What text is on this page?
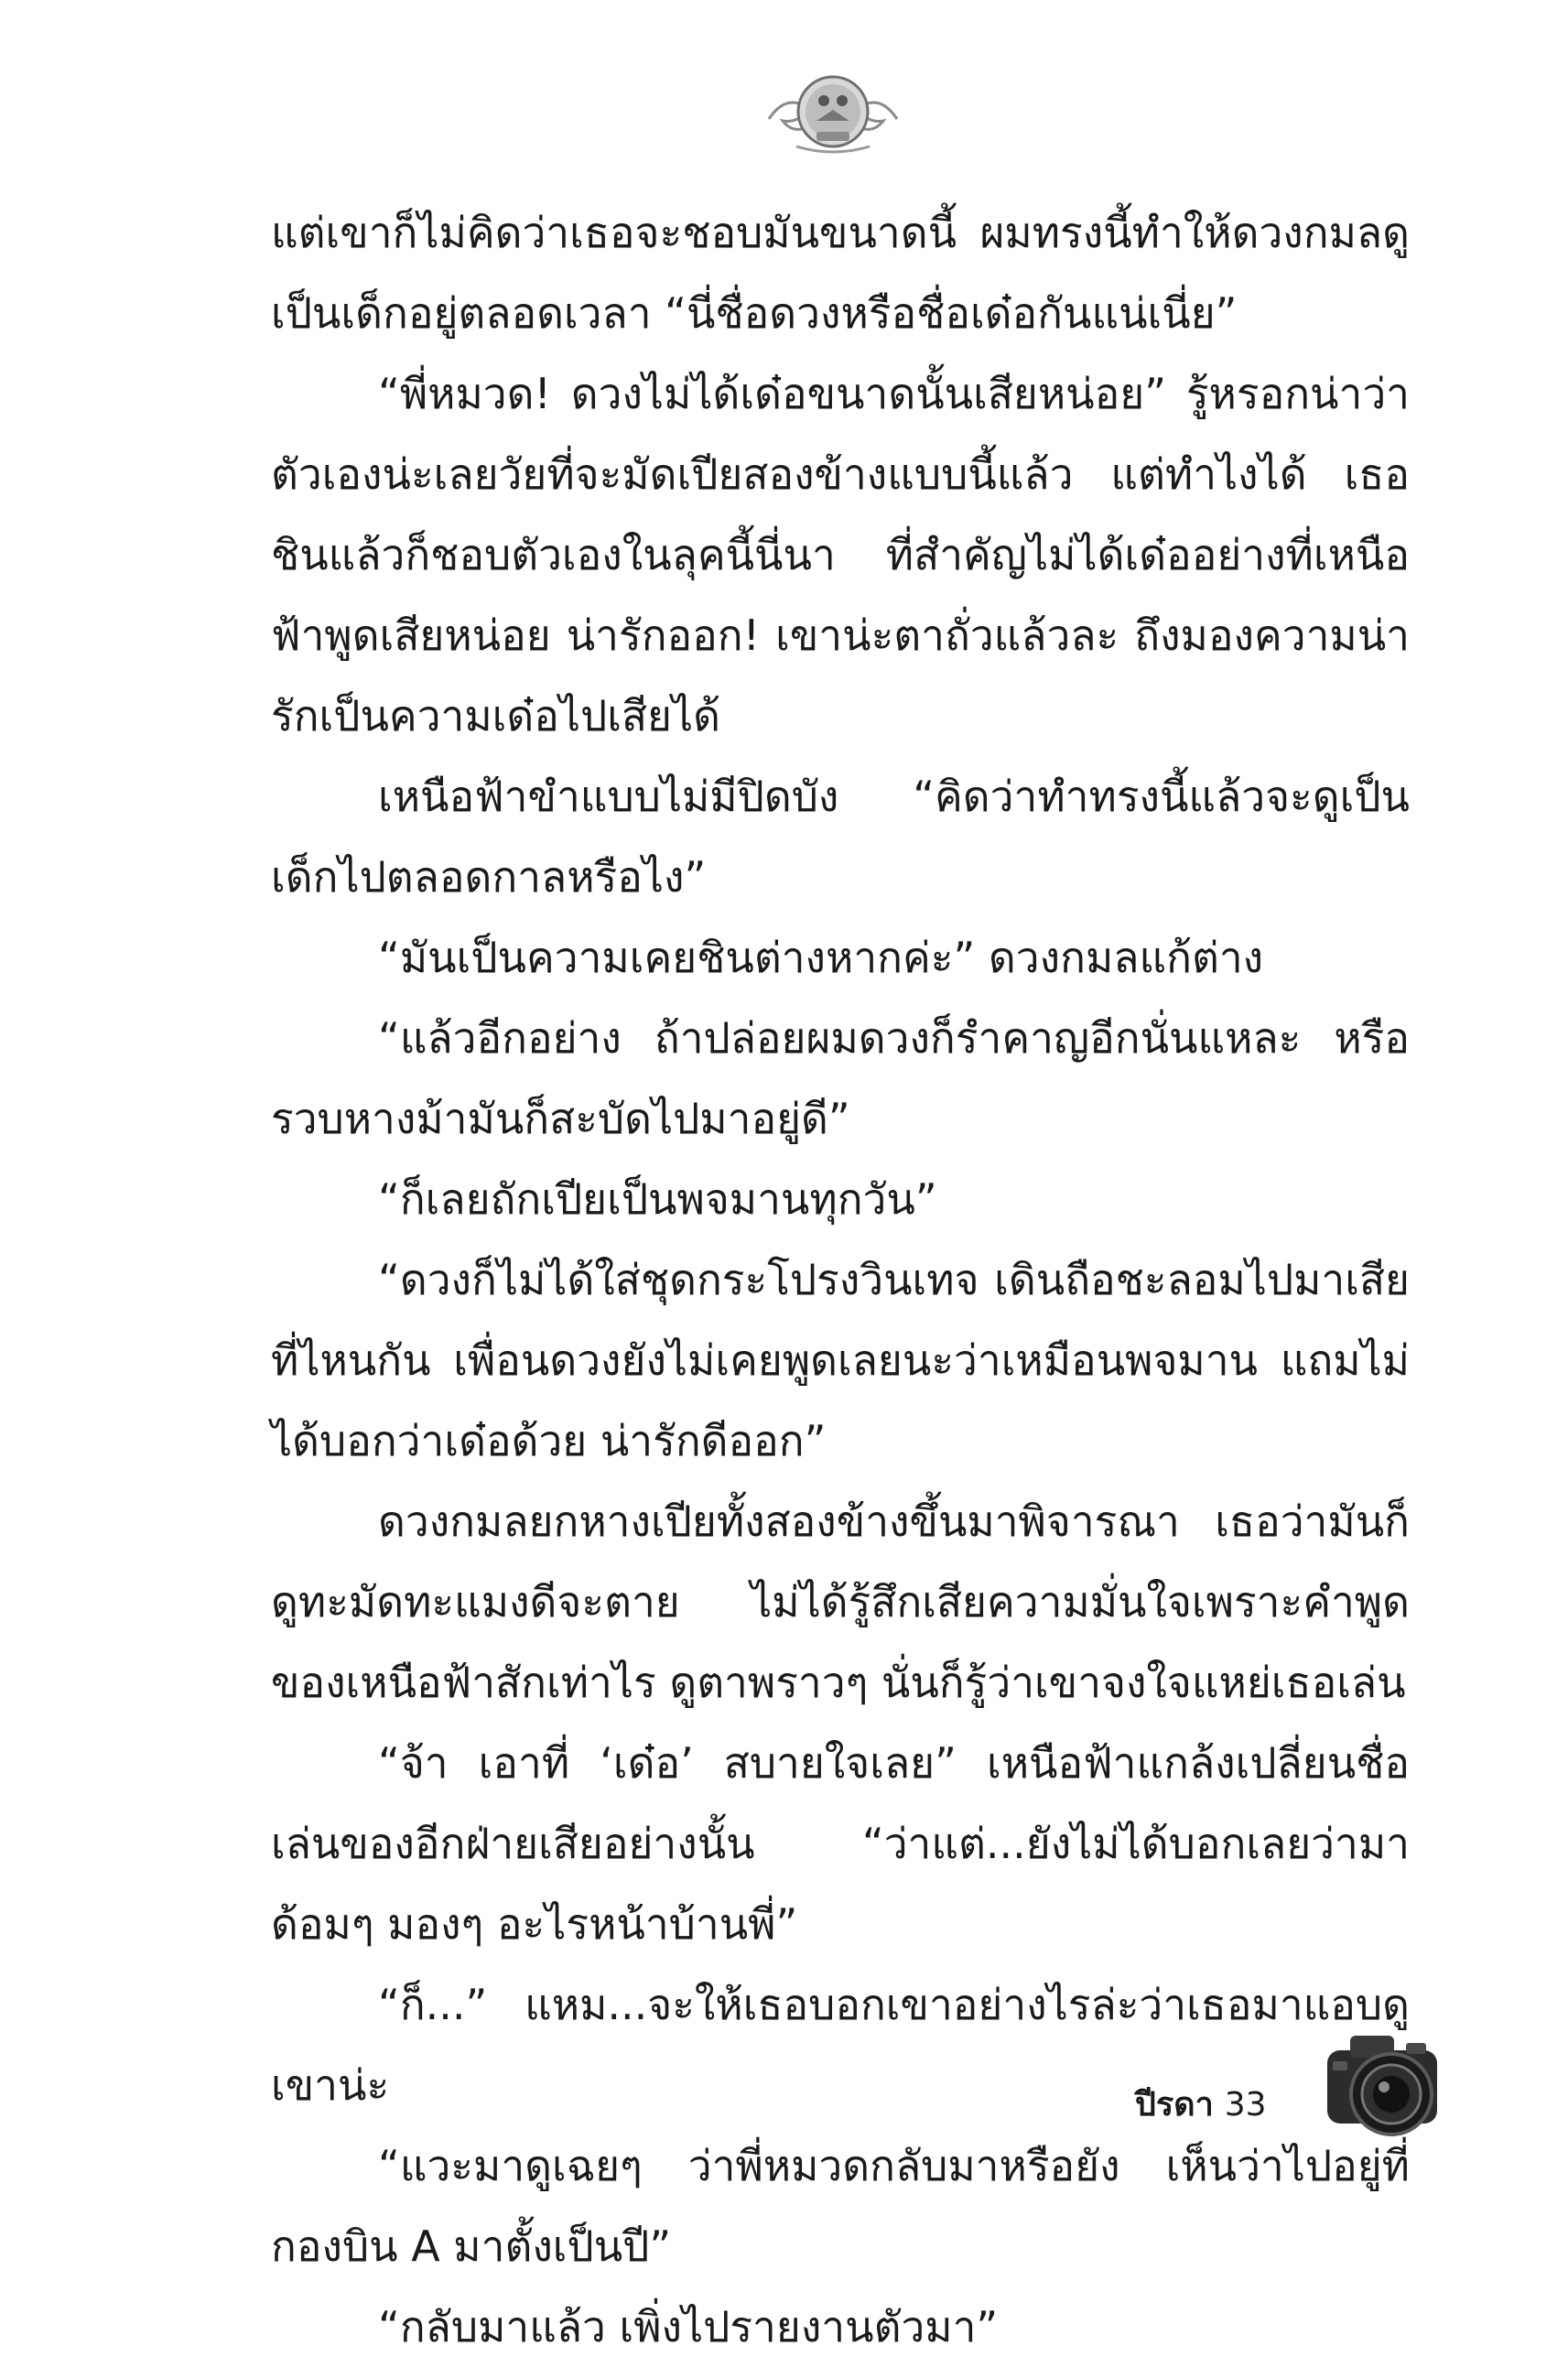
แต่เขาก็ไม่คิดว่าเธอจะชอบมันขนาดนี้ ผมทรงนี้ทำให้ดวงกมลดูเป็นเด็กอยู่ตลอดเวลา “นี่ชื่อดวงหรือชื่อเด๋อกันแน่เนี่ย”

“พี่หมวด! ดวงไม่ได้เด๋อขนาดนั้นเสียหน่อย” รู้หรอกน่าว่าตัวเองน่ะเลยวัยที่จะมัดเปียสองข้างแบบนี้แล้ว แต่ทำไงได้ เธอชินแล้วก็ชอบตัวเองในลุคนี้นี่นา ที่สำคัญไม่ได้เด๋ออย่างที่เหนือฟ้าพูดเสียหน่อย น่ารักออก! เขาน่ะตาถั่วแล้วละ ถึงมองความน่ารักเป็นความเด๋อไปเสียได้

เหนือฟ้าขำแบบไม่มีปิดบัง “คิดว่าทำทรงนี้แล้วจะดูเป็นเด็กไปตลอดกาลหรือไง”

“มันเป็นความเคยชินต่างหากค่ะ” ดวงกมลแก้ต่าง

“แล้วอีกอย่าง ถ้าปล่อยผมดวงก็รำคาญอีกนั่นแหละ หรือรวบหางม้ามันก็สะบัดไปมาอยู่ดี”

“ก็เลยถักเปียเป็นพจมานทุกวัน”

“ดวงก็ไม่ได้ใส่ชุดกระโปรงวินเทจ เดินถือชะลอมไปมาเสียที่ไหนกัน เพื่อนดวงยังไม่เคยพูดเลยนะว่าเหมือนพจมาน แถมไม่ได้บอกว่าเด๋อด้วย น่ารักดีออก”

ดวงกมลยกหางเปียทั้งสองข้างขึ้นมาพิจารณา เธอว่ามันก็ดูทะมัดทะแมงดีจะตาย ไม่ได้รู้สึกเสียความมั่นใจเพราะคำพูดของเหนือฟ้าสักเท่าไร ดูตาพราวๆ นั่นก็รู้ว่าเขาจงใจแหย่เธอเล่น

“จ้า เอาที่ ‘เด๋อ’ สบายใจเลย” เหนือฟ้าแกล้งเปลี่ยนชื่อเล่นของอีกฝ่ายเสียอย่างนั้น “ว่าแต่...ยังไม่ได้บอกเลยว่ามาด้อมๆ มองๆ อะไรหน้าบ้านพี่”

“ก็...” แหม...จะให้เธอบอกเขาอย่างไรล่ะว่าเธอมาแอบดูเขาน่ะ

“แวะมาดูเฉยๆ ว่าพี่หมวดกลับมาหรือยัง เห็นว่าไปอยู่ที่กองบิน A มาตั้งเป็นปี”

“กลับมาแล้ว เพิ่งไปรายงานตัวมา”

ปีรดา 33
